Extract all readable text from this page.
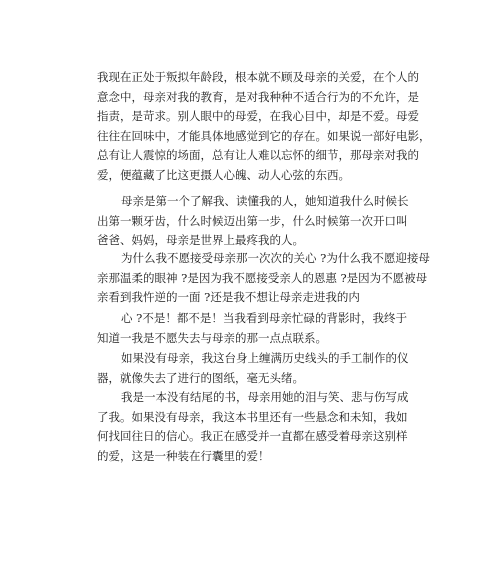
我现在正处于叛拟年龄段，根本就不顾及母亲的关爱，在个人的
意念中，母亲对我的教育，是对我种种不适合行为的不允许，是
指责，是苛求。别人眼中的母爱，在我心目中，却是不爱。母爱
往往在回味中，才能具体地感觉到它的存在。如果说一部好电影，
总有让人震惊的场面，总有让人难以忘怀的细节，那母亲对我的
爱，便蕴藏了比这更摄人心魄、动人心弦的东西。
母亲是第一个了解我、读懂我的人，她知道我什么时候长
出第一颗牙齿，什么时候迈出第一步，什么时候第一次开口叫
爸爸、妈妈，母亲是世界上最疼我的人。
为什么我不愿接受母亲那一次次的关心 ?为什么我不愿迎接母
亲那温柔的眼神 ?是因为我不愿接受亲人的恩惠 ?是因为不愿被母
亲看到我忤逆的一面 ?还是我不想让母亲走进我的内
心 ?不是！都不是！当我看到母亲忙碌的背影时，我终于
知道一我是不愿失去与母亲的那一点点联系。
如果没有母亲，我这台身上缠满历史线头的手工制作的仪
器，就像失去了进行的图纸，毫无头绪。
我是一本没有结尾的书，母亲用她的泪与笑、悲与伤写成
了我。如果没有母亲，我这本书里还有一些悬念和未知，我如
何找回往日的信心。我正在感受并一直都在感受着母亲这别样
的爱，这是一种装在行囊里的爱！
